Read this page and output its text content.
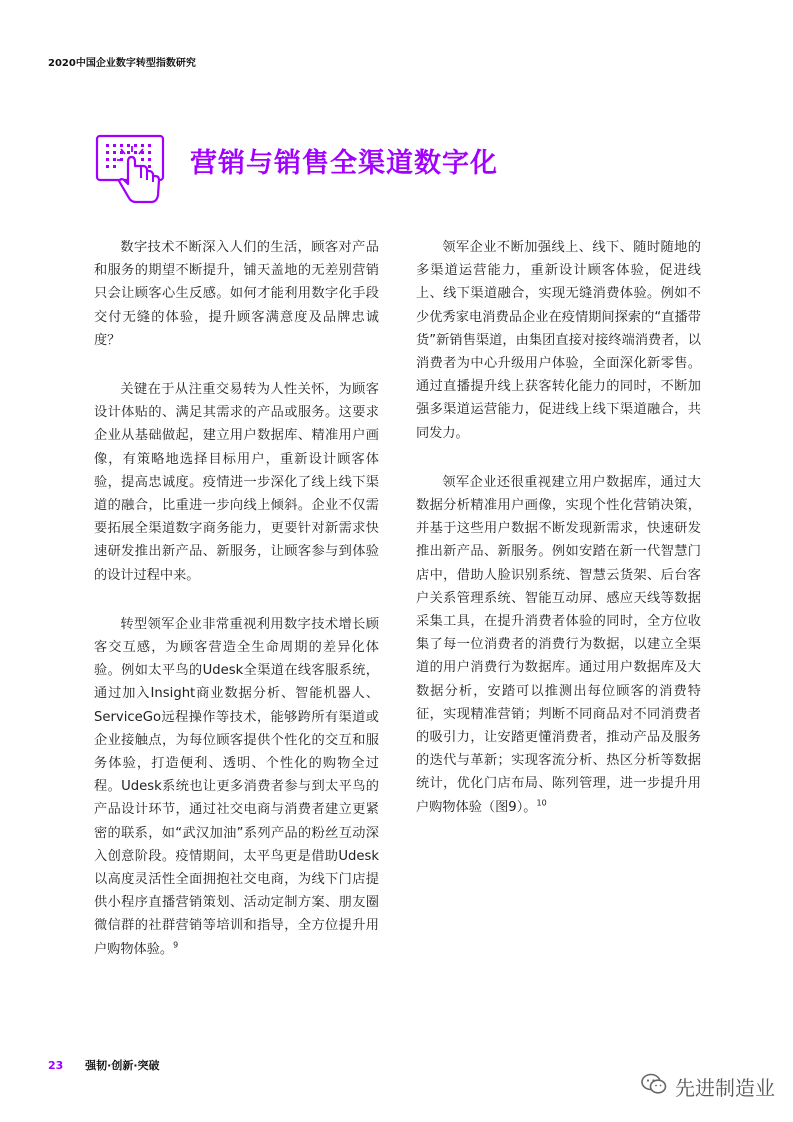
2020中国企业数字转型指数研究
营销与销售全渠道数字化

数字技术不断深入人们的生活，顾客对产品和服务的期望不断提升，铺天盖地的无差别营销只会让顾客心生反感。如何才能利用数字化手段交付无缝的体验，提升顾客满意度及品牌忠诚度？

关键在于从注重交易转为人性关怀，为顾客设计体贴的、满足其需求的产品或服务。这要求企业从基础做起，建立用户数据库、精准用户画像，有策略地选择目标用户，重新设计顾客体验，提高忠诚度。疫情进一步深化了线上线下渠道的融合，比重进一步向线上倾斜。企业不仅需要拓展全渠道数字商务能力，更要针对新需求快速研发推出新产品、新服务，让顾客参与到体验的设计过程中来。

转型领军企业非常重视利用数字技术增长顾客交互感，为顾客营造全生命周期的差异化体验。例如太平鸟的Udesk全渠道在线客服系统，通过加入Insight商业数据分析、智能机器人、ServiceGo远程操作等技术，能够跨所有渠道或企业接触点，为每位顾客提供个性化的交互和服务体验，打造便利、透明、个性化的购物全过程。Udesk系统也让更多消费者参与到太平鸟的产品设计环节，通过社交电商与消费者建立更紧密的联系，如“武汉加油”系列产品的粉丝互动深入创意阶段。疫情期间，太平鸟更是借助Udesk以高度灵活性全面拥抱社交电商，为线下门店提供小程序直播营销策划、活动定制方案、朋友圈微信群的社群营销等培训和指导，全方位提升用户购物体验。$^9$

领军企业不断加强线上、线下、随时随地的多渠道运营能力，重新设计顾客体验，促进线上、线下渠道融合，实现无缝消费体验。例如不少优秀家电消费品企业在疫情期间探索的“直播带货”新销售渠道，由集团直接对接终端消费者，以消费者为中心升级用户体验，全面深化新零售。通过直播提升线上获客转化能力的同时，不断加强多渠道运营能力，促进线上线下渠道融合，共同发力。

领军企业还很重视建立用户数据库，通过大数据分析精准用户画像，实现个性化营销决策，并基于这些用户数据不断发现新需求，快速研发推出新产品、新服务。例如安踏在新一代智慧门店中，借助人脸识别系统、智慧云货架、后台客户关系管理系统、智能互动屏、感应天线等数据采集工具，在提升消费者体验的同时，全方位收集了每一位消费者的消费行为数据，以建立全渠道的用户消费行为数据库。通过用户数据库及大数据分析，安踏可以推测出每位顾客的消费特征，实现精准营销；判断不同商品对不同消费者的吸引力，让安踏更懂消费者，推动产品及服务的迭代与革新；实现客流分析、热区分析等数据统计，优化门店布局、陈列管理，进一步提升用户购物体验（图9）。$^{10}$

23 强韧·创新·突破
先进制造业
